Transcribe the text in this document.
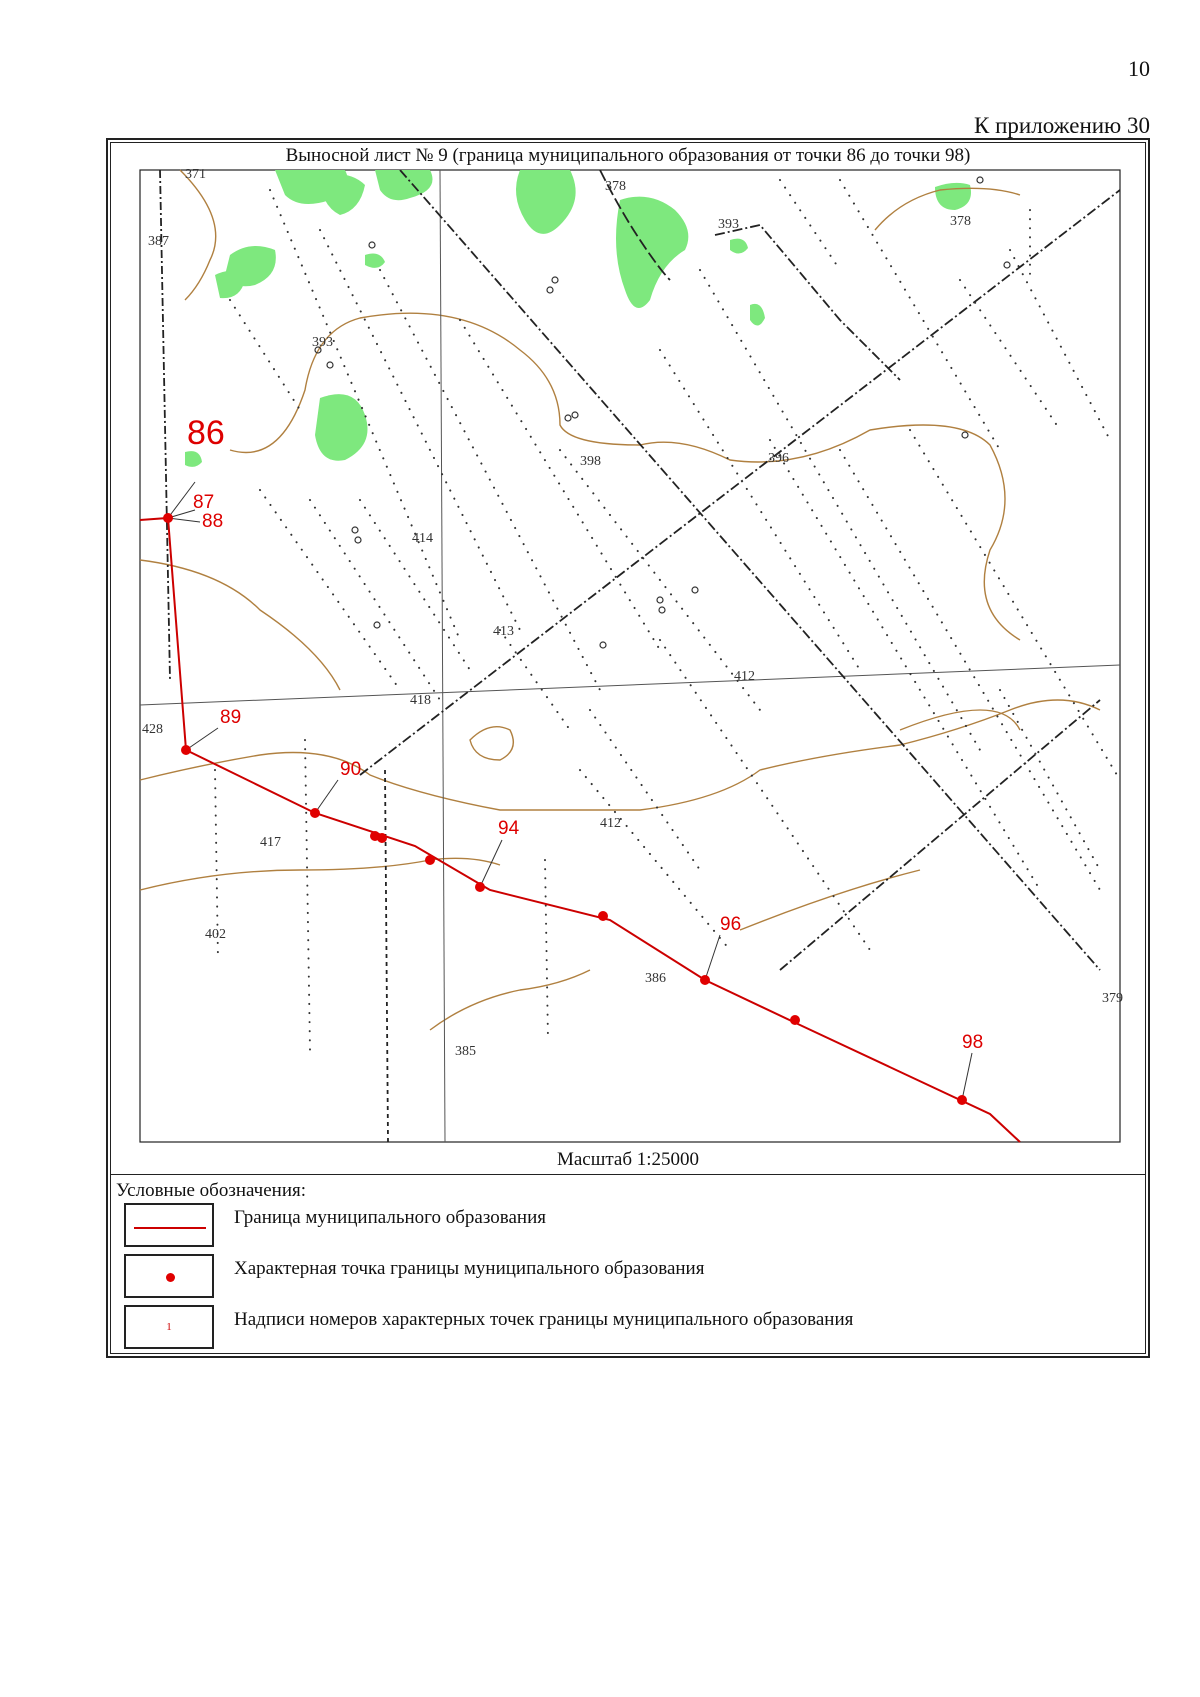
10
К приложению 30
Выносной лист № 9 (граница муниципального образования от точки 86 до точки 98)
371
387
393
393
378
378
398	396
414
413
412
418
428
417
402
412
386
385
379
86
87
88
89
90
94
96
98
Масштаб 1:25000
Условные обозначения:
Граница муниципального образования
Характерная точка границы муниципального образования
1	Надписи номеров характерных точек границы муниципального образования
